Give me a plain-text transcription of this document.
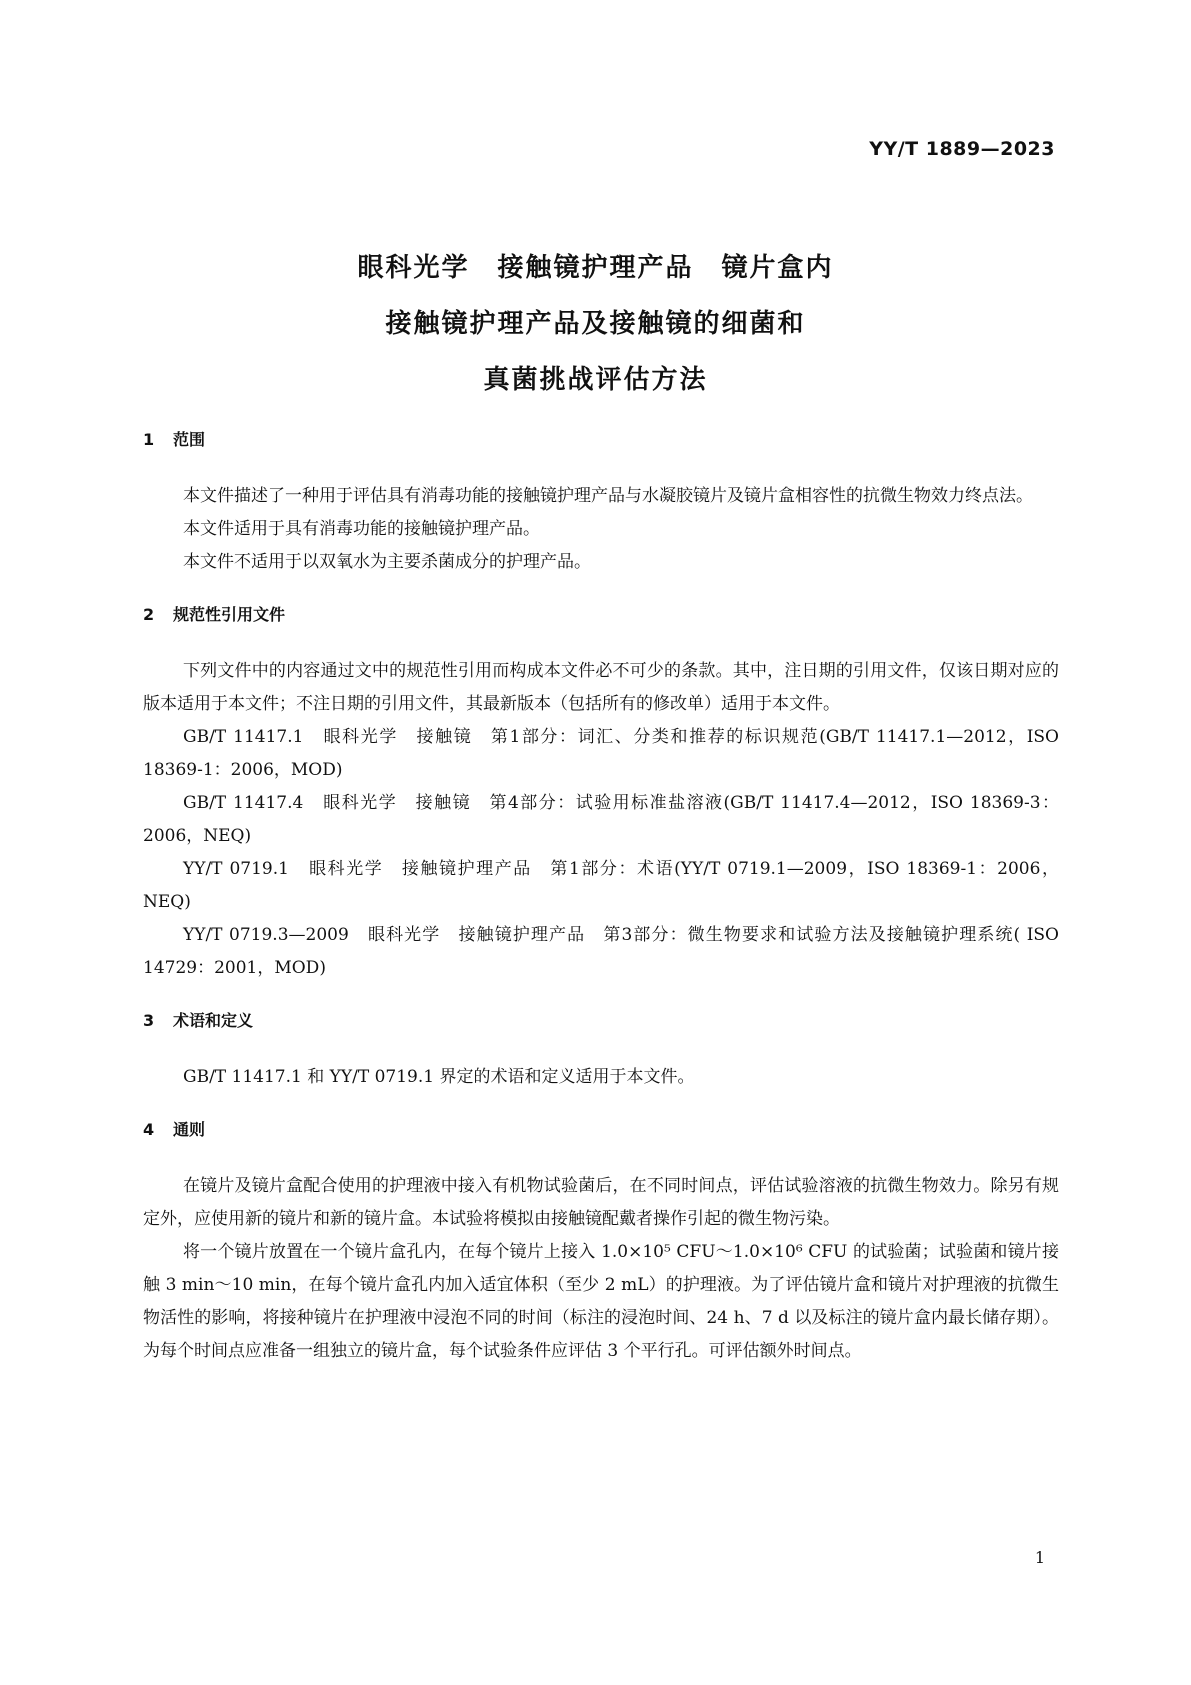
YY/T 1889—2023
眼科光学　接触镜护理产品　镜片盒内
接触镜护理产品及接触镜的细菌和
真菌挑战评估方法
1 范围

本文件描述了一种用于评估具有消毒功能的接触镜护理产品与水凝胶镜片及镜片盒相容性的抗微生物效力终点法。

本文件适用于具有消毒功能的接触镜护理产品。

本文件不适用于以双氧水为主要杀菌成分的护理产品。

2 规范性引用文件

下列文件中的内容通过文中的规范性引用而构成本文件必不可少的条款。其中，注日期的引用文件，仅该日期对应的版本适用于本文件；不注日期的引用文件，其最新版本（包括所有的修改单）适用于本文件。

GB/T 11417.1　眼科光学　接触镜　第1部分：词汇、分类和推荐的标识规范(GB/T 11417.1—2012，ISO 18369-1：2006，MOD)

GB/T 11417.4　眼科光学　接触镜　第4部分：试验用标准盐溶液(GB/T 11417.4—2012，ISO 18369-3：2006，NEQ)

YY/T 0719.1　眼科光学　接触镜护理产品　第1部分：术语(YY/T 0719.1—2009，ISO 18369-1：2006，NEQ)

YY/T 0719.3—2009　眼科光学　接触镜护理产品　第3部分：微生物要求和试验方法及接触镜护理系统( ISO 14729：2001，MOD)

3 术语和定义

GB/T 11417.1 和 YY/T 0719.1 界定的术语和定义适用于本文件。

4 通则

在镜片及镜片盒配合使用的护理液中接入有机物试验菌后，在不同时间点，评估试验溶液的抗微生物效力。除另有规定外，应使用新的镜片和新的镜片盒。本试验将模拟由接触镜配戴者操作引起的微生物污染。

将一个镜片放置在一个镜片盒孔内，在每个镜片上接入 1.0×10⁵ CFU～1.0×10⁶ CFU 的试验菌；试验菌和镜片接触 3 min～10 min，在每个镜片盒孔内加入适宜体积（至少 2 mL）的护理液。为了评估镜片盒和镜片对护理液的抗微生物活性的影响，将接种镜片在护理液中浸泡不同的时间（标注的浸泡时间、24 h、7 d 以及标注的镜片盒内最长储存期）。为每个时间点应准备一组独立的镜片盒，每个试验条件应评估 3 个平行孔。可评估额外时间点。

1
